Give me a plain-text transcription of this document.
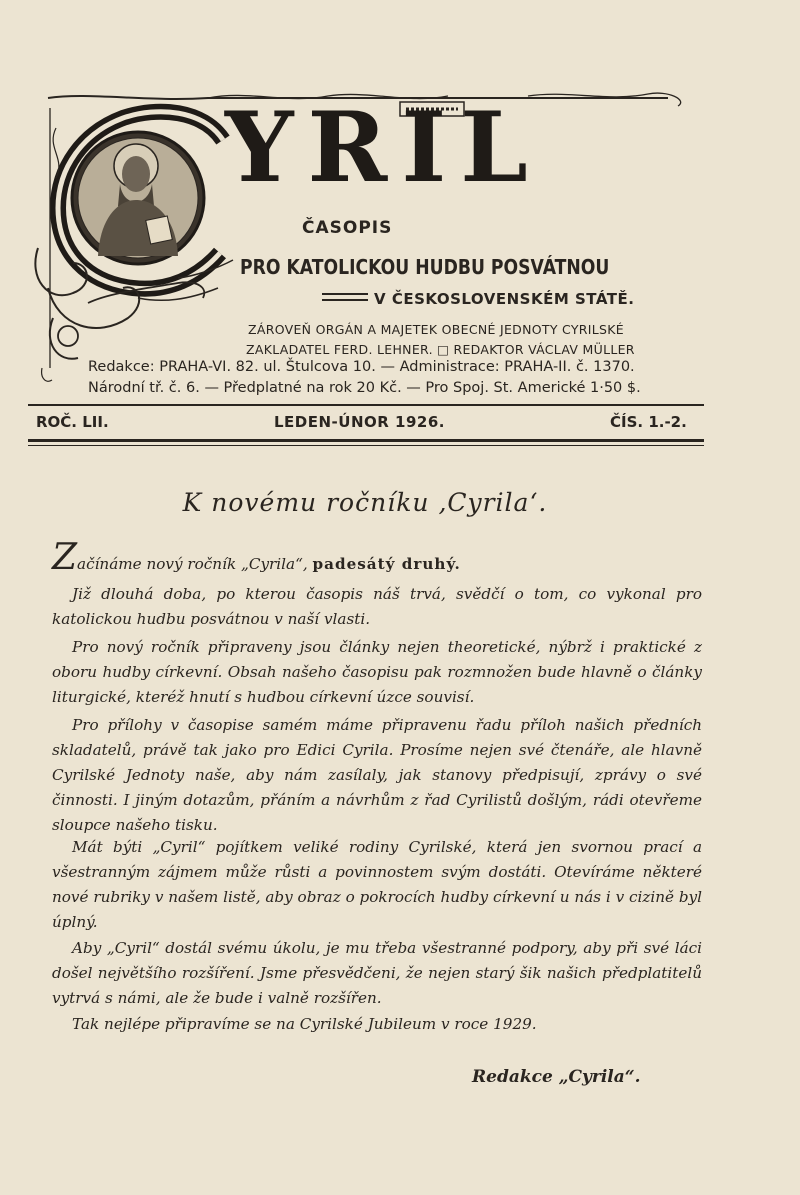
YRIL
ČASOPIS
PRO KATOLICKOU HUDBU POSVÁTNOU
V ČESKOSLOVENSKÉM STÁTĚ.
ZÁROVEŇ ORGÁN A MAJETEK OBECNÉ JEDNOTY CYRILSKÉ
ZAKLADATEL FERD. LEHNER. □ REDAKTOR VÁCLAV MÜLLER
Redakce: PRAHA-VI. 82. ul. Štulcova 10. — Administrace: PRAHA-II. č. 1370.
Národní tř. č. 6. — Předplatné na rok 20 Kč. — Pro Spoj. St. Americké 1·50 $.
ROČ. LII.	LEDEN-ÚNOR 1926.	ČÍS. 1.-2.
K novému ročníku ‚Cyrila‘.

Začínáme nový ročník „Cyrila“, padesátý druhý.

Již dlouhá doba, po kterou časopis náš trvá, svědčí o tom, co vykonal pro katolickou hudbu posvátnou v naší vlasti.

Pro nový ročník připraveny jsou články nejen theoretické, nýbrž i praktické z oboru hudby církevní. Obsah našeho časopisu pak rozmnožen bude hlavně o články liturgické, kteréž hnutí s hudbou církevní úzce souvisí.

Pro přílohy v časopise samém máme připravenu řadu příloh našich předních skladatelů, právě tak jako pro Edici Cyrila. Prosíme nejen své čtenáře, ale hlavně Cyrilské Jednoty naše, aby nám zasílaly, jak stanovy předpisují, zprávy o své činnosti. I jiným dotazům, přáním a návrhům z řad Cyrilistů došlým, rádi otevřeme sloupce našeho tisku.

Mát býti „Cyril“ pojítkem veliké rodiny Cyrilské, která jen svornou prací a všestranným zájmem může růsti a povinnostem svým dostáti. Otevíráme některé nové rubriky v našem listě, aby obraz o pokrocích hudby církevní u nás i v cizině byl úplný.

Aby „Cyril“ dostál svému úkolu, je mu třeba všestranné podpory, aby při své láci došel největšího rozšíření. Jsme přesvědčeni, že nejen starý šik našich předplatitelů vytrvá s námi, ale že bude i valně rozšířen.

Tak nejlépe připravíme se na Cyrilské Jubileum v roce 1929.

Redakce „Cyrila“.
